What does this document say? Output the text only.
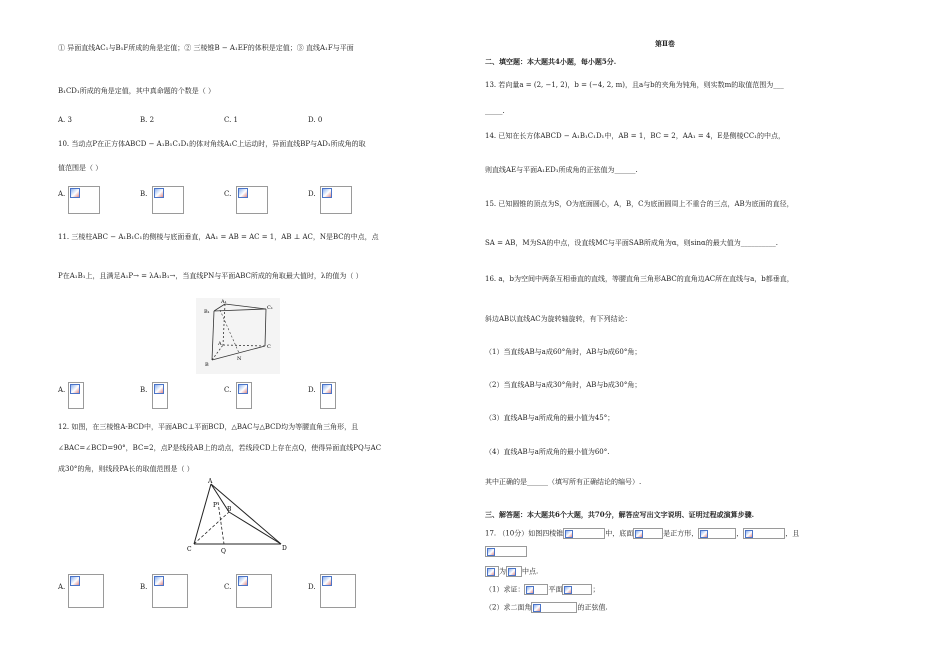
① 异面直线AC₁与B₁F所成的角是定值；② 三棱锥B − A₁EF的体积是定值；③ 直线A₁F与平面
B₁CD₁所成的角是定值，其中真命题的个数是（ ）
A. 3	B. 2	C. 1	D. 0
10. 当动点P在正方体ABCD − A₁B₁C₁D₁的体对角线A₁C上运动时，异面直线BP与AD₁所成角的取
值范围是（ ）
A.	B.	C.	D.
11. 三棱柱ABC − A₁B₁C₁的侧棱与底面垂直，AA₁ = AB = AC = 1，AB ⊥ AC，N是BC的中点，点
P在A₁B₁上，且满足A₁P→ = λA₁B₁→，当直线PN与平面ABC所成的角取最大值时，λ的值为（ ）
A₁
C₁
B₁
A	C
B
N
A.	B.	C.	D.
12. 如图，在三棱锥A-BCD中，平面ABC⊥平面BCD，△BAC与△BCD均为等腰直角三角形，且
∠BAC=∠BCD=90°，BC=2，点P是线段AB上的动点，若线段CD上存在点Q，使得异面直线PQ与AC
成30°的角，则线段PA长的取值范围是（ ）
A
P
B
C	Q	D
A.	B.	C.	D.
第Ⅱ卷
二、填空题：本大题共4小题，每小题5分.
13. 若向量a = (2, −1, 2)，b = (−4, 2, m)，且a与b的夹角为钝角，则实数m的取值范围为___
_____.
14. 已知在长方体ABCD − A₁B₁C₁D₁中，AB = 1，BC = 2，AA₁ = 4，E是侧棱CC₁的中点，
则直线AE与平面A₁ED₁所成角的正弦值为______.
15. 已知圆锥的顶点为S，O为底面圆心，A，B，C为底面圆周上不重合的三点，AB为底面的直径，
SA = AB，M为SA的中点，设直线MC与平面SAB所成角为α，则sinα的最大值为__________.
16. a，b为空间中两条互相垂直的直线，等腰直角三角形ABC的直角边AC所在直线与a，b都垂直，
斜边AB以直线AC为旋转轴旋转，有下列结论：
（1）当直线AB与a成60°角时，AB与b成60°角；
（2）当直线AB与a成30°角时，AB与b成30°角；
（3）直线AB与a所成角的最小值为45°；
（4）直线AB与a所成角的最小值为60°.
其中正确的是______（填写所有正确结论的编号）.
三、解答题：本大题共6个大题，共70分，解答应写出文字说明、证明过程或演算步骤.
17. （10分）如图四棱锥	中，底面	是正方形，	，	，且
为 中点.
（1）求证：	平面	；
（2）求二面角	的正弦值.
